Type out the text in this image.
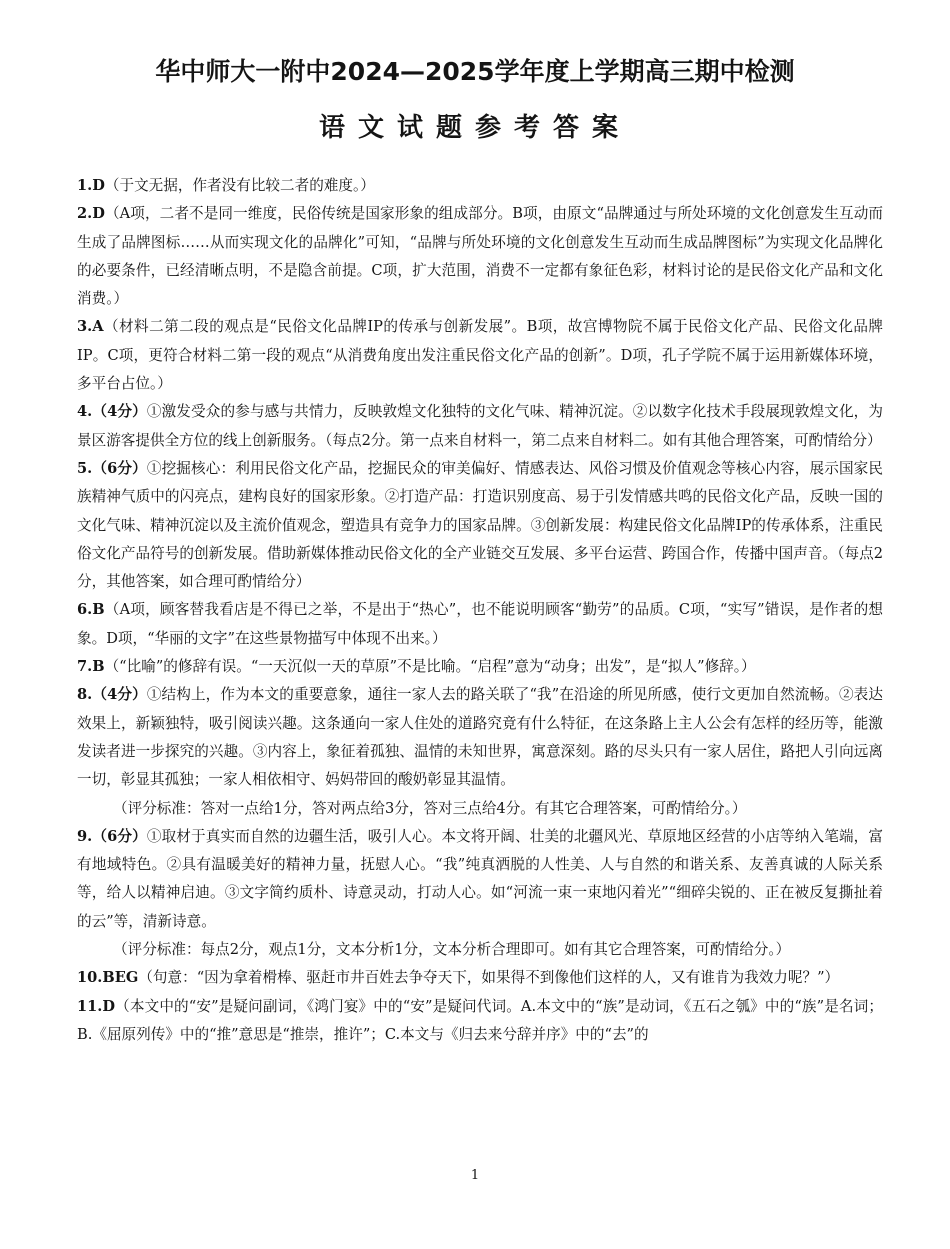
华中师大一附中2024—2025学年度上学期高三期中检测
语文试题参考答案

1.D（于文无据，作者没有比较二者的难度。）

2.D（A项，二者不是同一维度，民俗传统是国家形象的组成部分。B项，由原文“品牌通过与所处环境的文化创意发生互动而生成了品牌图标……从而实现文化的品牌化”可知，“品牌与所处环境的文化创意发生互动而生成品牌图标”为实现文化品牌化的必要条件，已经清晰点明，不是隐含前提。C项，扩大范围，消费不一定都有象征色彩，材料讨论的是民俗文化产品和文化消费。）

3.A（材料二第二段的观点是“民俗文化品牌IP的传承与创新发展”。B项，故宫博物院不属于民俗文化产品、民俗文化品牌IP。C项，更符合材料二第一段的观点“从消费角度出发注重民俗文化产品的创新”。D项，孔子学院不属于运用新媒体环境，多平台占位。）

4.（4分）①激发受众的参与感与共情力，反映敦煌文化独特的文化气味、精神沉淀。②以数字化技术手段展现敦煌文化，为景区游客提供全方位的线上创新服务。（每点2分。第一点来自材料一，第二点来自材料二。如有其他合理答案，可酌情给分）

5.（6分）①挖掘核心：利用民俗文化产品，挖掘民众的审美偏好、情感表达、风俗习惯及价值观念等核心内容，展示国家民族精神气质中的闪亮点，建构良好的国家形象。②打造产品：打造识别度高、易于引发情感共鸣的民俗文化产品，反映一国的文化气味、精神沉淀以及主流价值观念，塑造具有竞争力的国家品牌。③创新发展：构建民俗文化品牌IP的传承体系，注重民俗文化产品符号的创新发展。借助新媒体推动民俗文化的全产业链交互发展、多平台运营、跨国合作，传播中国声音。（每点2分，其他答案，如合理可酌情给分）

6.B（A项，顾客替我看店是不得已之举，不是出于“热心”，也不能说明顾客“勤劳”的品质。C项，“实写”错误，是作者的想象。D项，“华丽的文字”在这些景物描写中体现不出来。）

7.B（“比喻”的修辞有误。“一天沉似一天的草原”不是比喻。“启程”意为“动身；出发”，是“拟人”修辞。）

8.（4分）①结构上，作为本文的重要意象，通往一家人去的路关联了“我”在沿途的所见所感，使行文更加自然流畅。②表达效果上，新颖独特，吸引阅读兴趣。这条通向一家人住处的道路究竟有什么特征，在这条路上主人公会有怎样的经历等，能激发读者进一步探究的兴趣。③内容上，象征着孤独、温情的未知世界，寓意深刻。路的尽头只有一家人居住，路把人引向远离一切，彰显其孤独；一家人相依相守、妈妈带回的酸奶彰显其温情。

（评分标准：答对一点给1分，答对两点给3分，答对三点给4分。有其它合理答案，可酌情给分。）

9.（6分）①取材于真实而自然的边疆生活，吸引人心。本文将开阔、壮美的北疆风光、草原地区经营的小店等纳入笔端，富有地域特色。②具有温暖美好的精神力量，抚慰人心。“我”纯真洒脱的人性美、人与自然的和谐关系、友善真诚的人际关系等，给人以精神启迪。③文字简约质朴、诗意灵动，打动人心。如“河流一束一束地闪着光”“细碎尖锐的、正在被反复撕扯着的云”等，清新诗意。

（评分标准：每点2分，观点1分，文本分析1分，文本分析合理即可。如有其它合理答案，可酌情给分。）

10.BEG（句意：“因为拿着榾棒、驱赶市井百姓去争夺天下，如果得不到像他们这样的人，又有谁肯为我效力呢？”）

11.D（本文中的“安”是疑问副词，《鸿门宴》中的“安”是疑问代词。A.本文中的“族”是动词，《五石之瓠》中的“族”是名词；B.《屈原列传》中的“推”意思是“推崇，推许”；C.本文与《归去来兮辞并序》中的“去”的

1
